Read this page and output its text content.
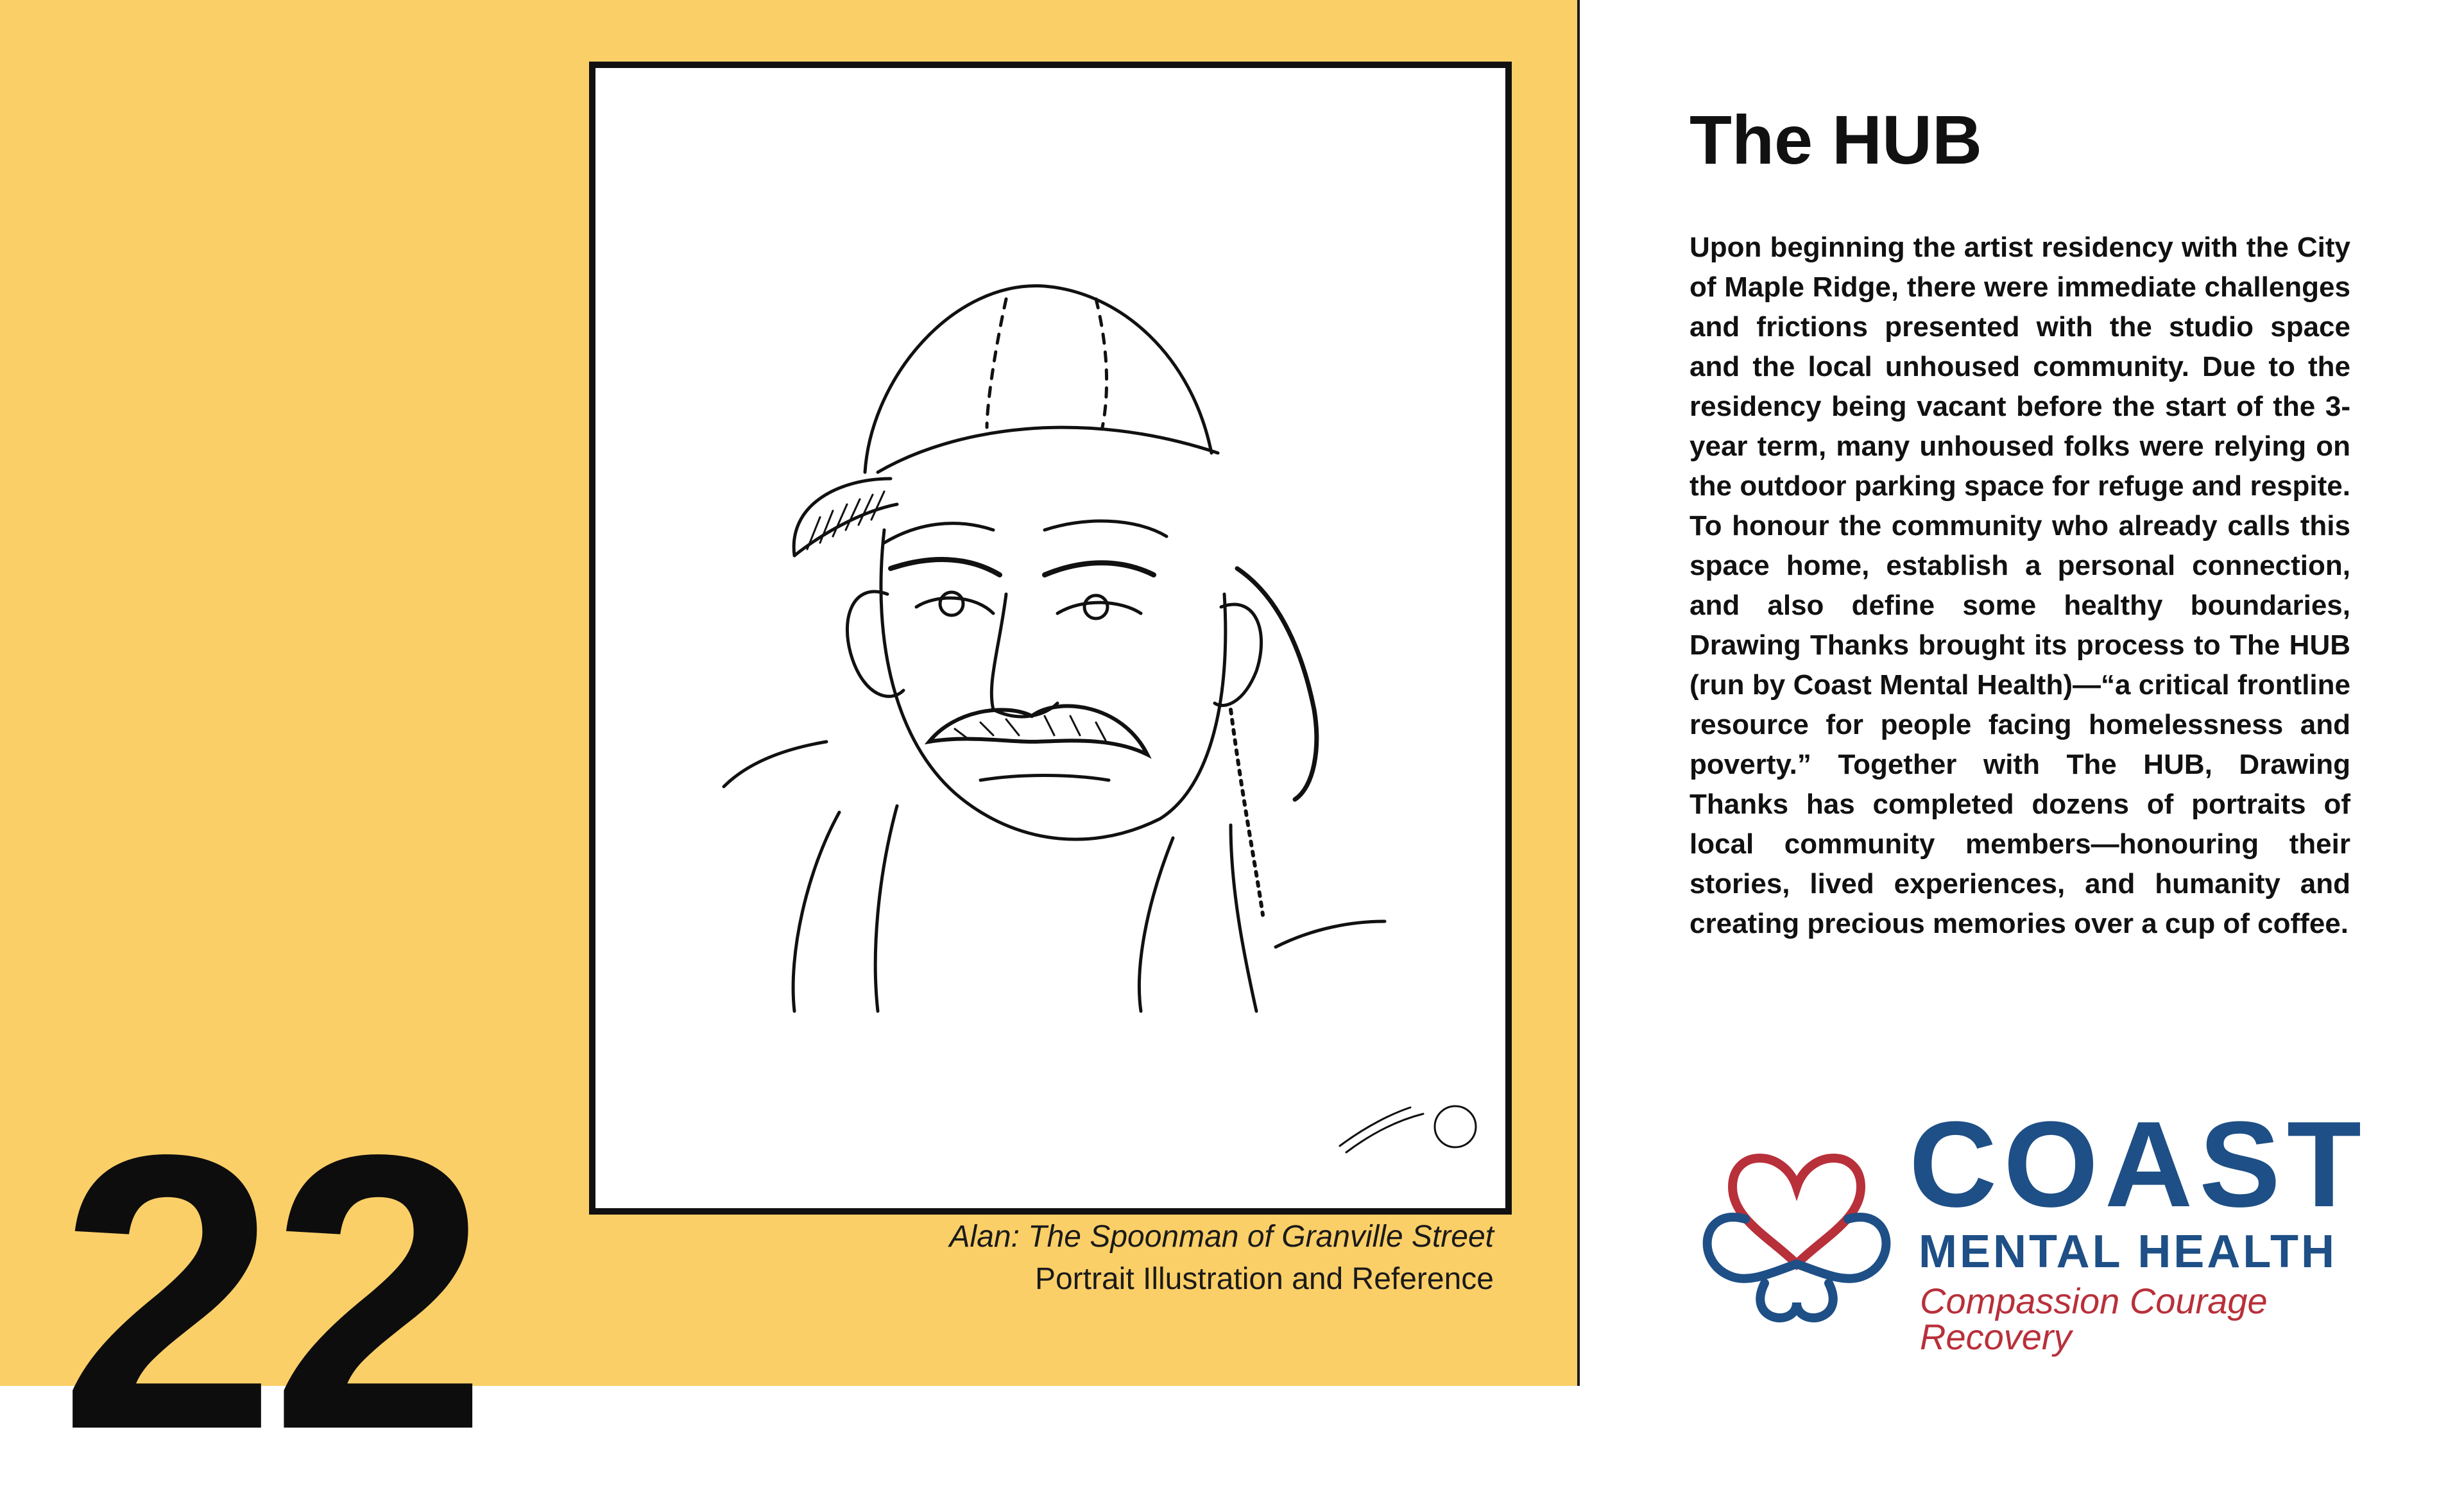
22	Alan: The Spoonman of Granville Street
Portrait Illustration and Reference
The HUB

Upon beginning the artist residency with the City of Maple Ridge, there were immediate challenges and frictions presented with the studio space and the local unhoused community. Due to the residency being vacant before the start of the 3-year term, many unhoused folks were relying on the outdoor parking space for refuge and respite. To honour the community who already calls this space home, establish a personal connection, and also define some healthy boundaries, Drawing Thanks brought its process to The HUB (run by Coast Mental Health)—“a critical frontline resource for people facing homelessness and poverty.” Together with The HUB, Drawing Thanks has completed dozens of portraits of local community members—honouring their stories, lived experiences, and humanity and creating precious memories over a cup of coffee.

COAST
MENTAL HEALTH
Compassion Courage Recovery
